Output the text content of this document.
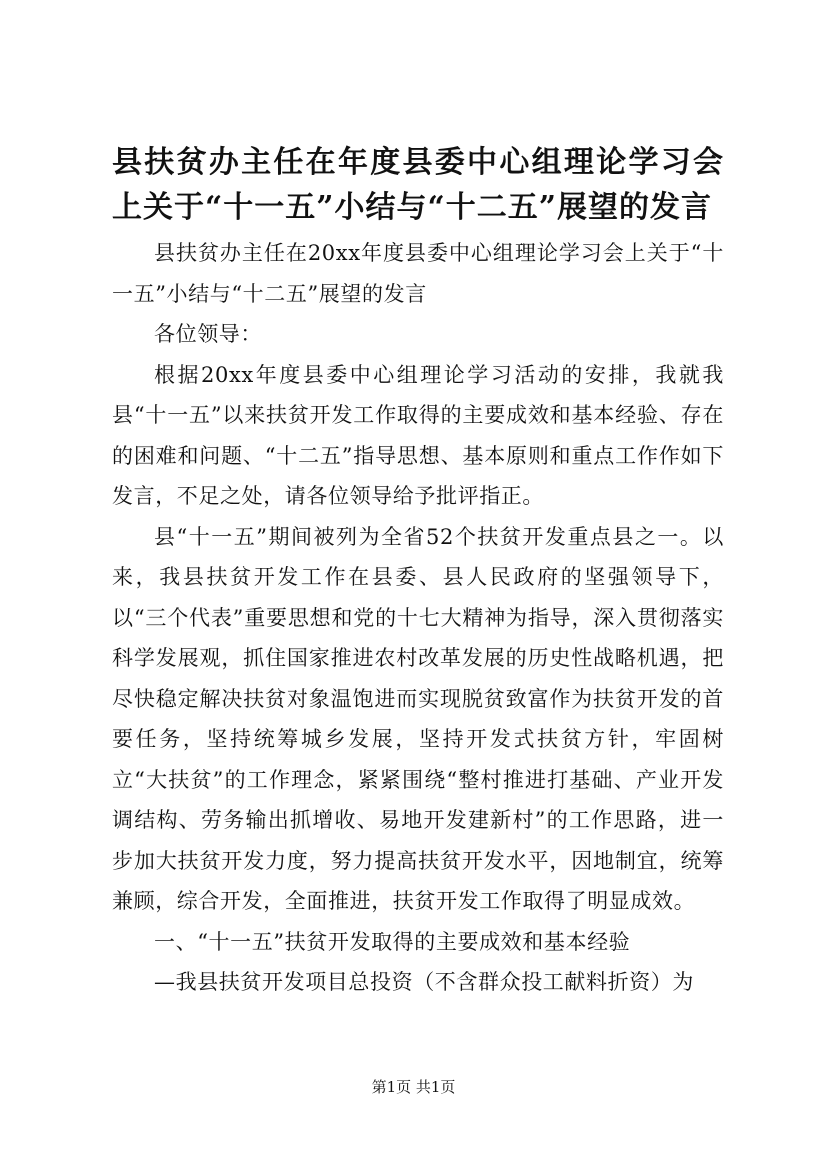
县扶贫办主任在年度县委中心组理论学习会上关于“十一五”小结与“十二五”展望的发言

县扶贫办主任在20xx年度县委中心组理论学习会上关于“十一五”小结与“十二五”展望的发言

各位领导：

根据20xx年度县委中心组理论学习活动的安排，我就我县“十一五”以来扶贫开发工作取得的主要成效和基本经验、存在的困难和问题、“十二五”指导思想、基本原则和重点工作作如下发言，不足之处，请各位领导给予批评指正。

县“十一五”期间被列为全省52个扶贫开发重点县之一。以来，我县扶贫开发工作在县委、县人民政府的坚强领导下，以“三个代表”重要思想和党的十七大精神为指导，深入贯彻落实科学发展观，抓住国家推进农村改革发展的历史性战略机遇，把尽快稳定解决扶贫对象温饱进而实现脱贫致富作为扶贫开发的首要任务，坚持统筹城乡发展，坚持开发式扶贫方针，牢固树立“大扶贫”的工作理念，紧紧围绕“整村推进打基础、产业开发调结构、劳务输出抓增收、易地开发建新村”的工作思路，进一步加大扶贫开发力度，努力提高扶贫开发水平，因地制宜，统筹兼顾，综合开发，全面推进，扶贫开发工作取得了明显成效。

一、“十一五”扶贫开发取得的主要成效和基本经验

—我县扶贫开发项目总投资（不含群众投工献料折资）为

第1页 共1页
